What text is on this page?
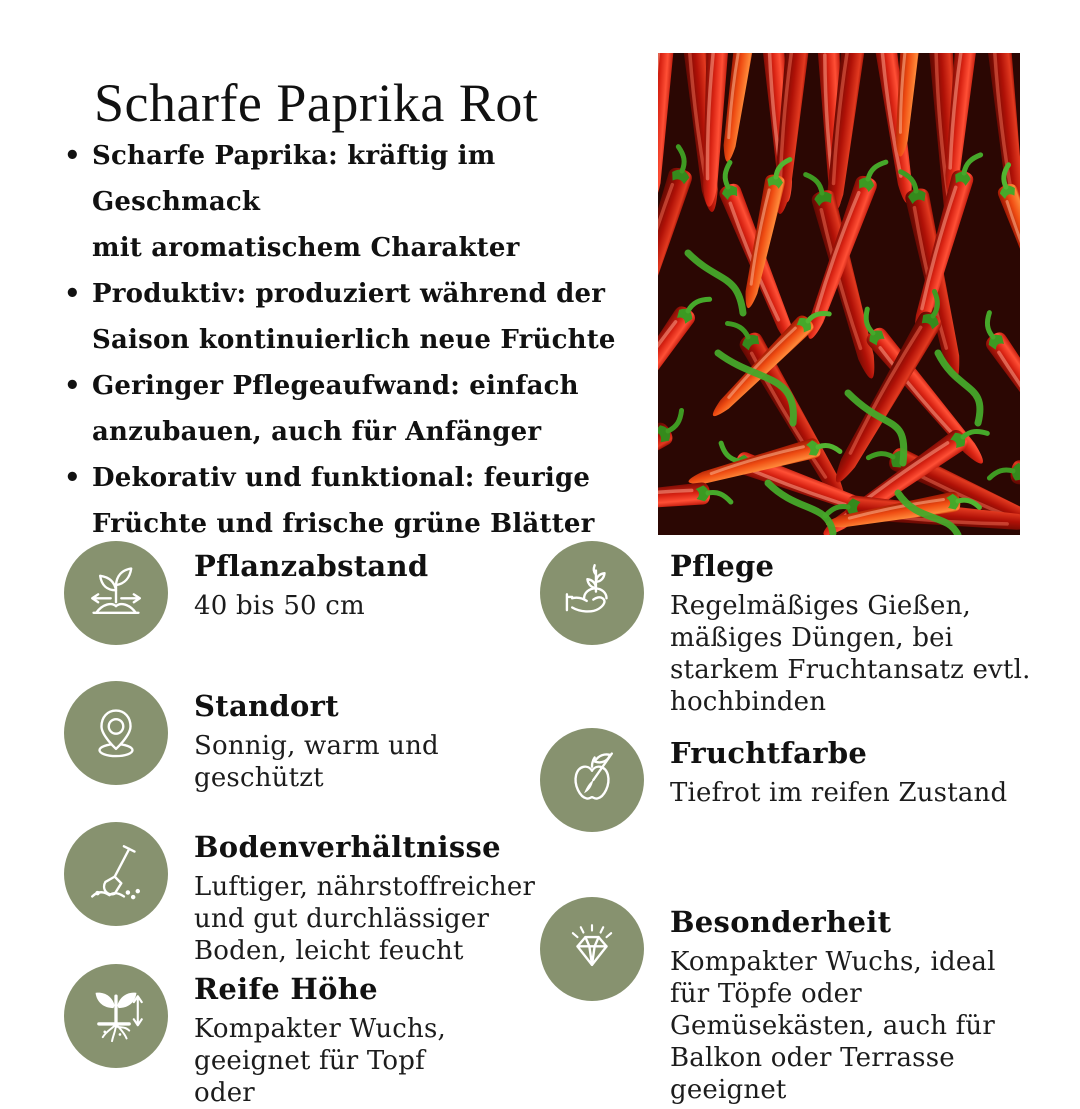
Scharfe Paprika Rot
• Scharfe Paprika: kräftig im Geschmack
mit aromatischem Charakter
• Produktiv: produziert während der
Saison kontinuierlich neue Früchte
• Geringer Pflegeaufwand: einfach
anzubauen, auch für Anfänger
• Dekorativ und funktional: feurige
Früchte und frische grüne Blätter
Pflanzabstand

40 bis 50 cm

Standort

Sonnig, warm und geschützt

Bodenverhältnisse

Luftiger, nährstoffreicher und gut durchlässiger Boden, leicht feucht

Reife Höhe

Kompakter Wuchs, geeignet für Topf oder

Pflege

Regelmäßiges Gießen, mäßiges Düngen, bei starkem Fruchtansatz evtl. hochbinden

Fruchtfarbe

Tiefrot im reifen Zustand

Besonderheit

Kompakter Wuchs, ideal für Töpfe oder Gemüsekästen, auch für Balkon oder Terrasse geeignet
